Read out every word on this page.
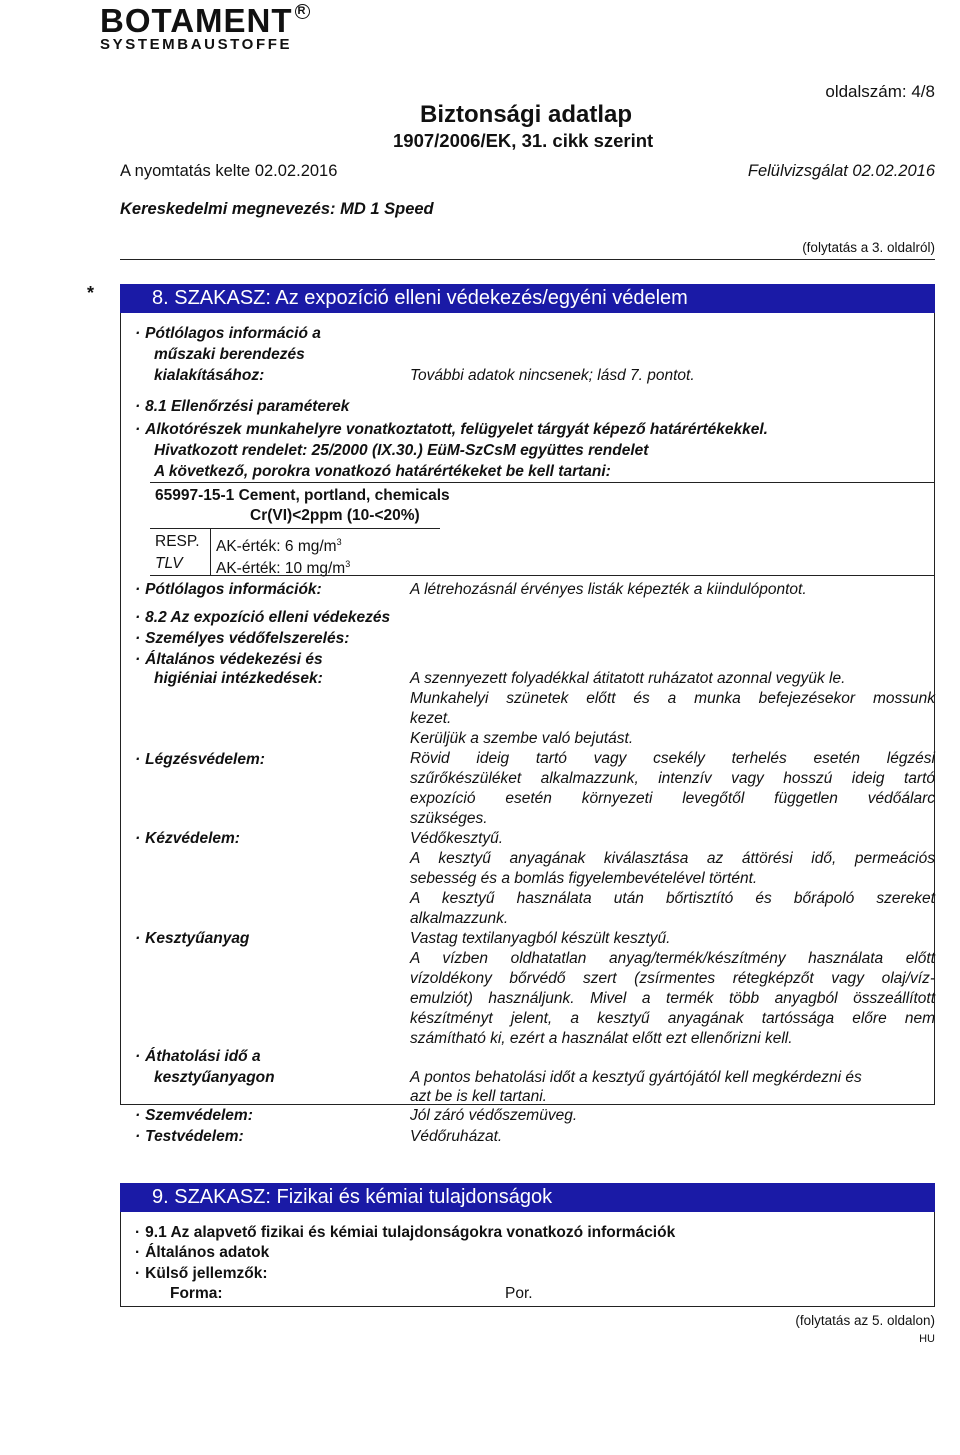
BOTAMENT R
SYSTEMBAUSTOFFE
oldalszám: 4/8
Biztonsági adatlap
1907/2006/EK, 31. cikk szerint
A nyomtatás kelte 02.02.2016	Felülvizsgálat 02.02.2016
Kereskedelmi megnevezés: MD 1 Speed
(folytatás a 3. oldalról)
*	8. SZAKASZ: Az expozíció elleni védekezés/egyéni védelem
· Pótlólagos információ a
műszaki berendezés
kialakításához:	További adatok nincsenek; lásd 7. pontot.
· 8.1 Ellenőrzési paraméterek
· Alkotórészek munkahelyre vonatkoztatott, felügyelet tárgyát képező határértékekkel.
Hivatkozott rendelet: 25/2000 (IX.30.) EüM-SzCsM együttes rendelet
A következő, porokra vonatkozó határértékeket be kell tartani:
65997-15-1 Cement, portland, chemicals
Cr(VI)<2ppm (10-<20%)
RESP. AK-érték: 6 $mg/m^3$
TLV AK-érték: 10 $mg/m^3$
· Pótlólagos információk:	A létrehozásnál érvényes listák képezték a kiindulópontot.
· 8.2 Az expozíció elleni védekezés
· Személyes védőfelszerelés:
· Általános védekezési és
higiéniai intézkedések:	A szennyezett folyadékkal átitatott ruházatot azonnal vegyük le.
Munkahelyi szünetek előtt és a munka befejezésekor mossunk
kezet.
Kerüljük a szembe való bejutást.
· Légzésvédelem:	Rövid ideig tartó vagy csekély terhelés esetén légzési
szűrőkészüléket alkalmazzunk, intenzív vagy hosszú ideig tartó
expozíció esetén környezeti levegőtől független védőálarc
szükséges.
· Kézvédelem:	Védőkesztyű.
A kesztyű anyagának kiválasztása az áttörési idő, permeációs
sebesség és a bomlás figyelembevételével történt.
A kesztyű használata után bőrtisztító és bőrápoló szereket
alkalmazzunk.
· Kesztyűanyag	Vastag textilanyagból készült kesztyű.
A vízben oldhatatlan anyag/termék/készítmény használata előtt
vízoldékony bőrvédő szert (zsírmentes rétegképzőt vagy olaj/víz-
emulziót) használjunk. Mivel a termék több anyagból összeállított
készítményt jelent, a kesztyű anyagának tartóssága előre nem
számítható ki, ezért a használat előtt ezt ellenőrizni kell.
· Áthatolási idő a
kesztyűanyagon	A pontos behatolási időt a kesztyű gyártójától kell megkérdezni és
azt be is kell tartani.
· Szemvédelem:	Jól záró védőszemüveg.
· Testvédelem:	Védőruházat.
9. SZAKASZ: Fizikai és kémiai tulajdonságok
· 9.1 Az alapvető fizikai és kémiai tulajdonságokra vonatkozó információk
· Általános adatok
· Külső jellemzők:
Forma:	Por.
(folytatás az 5. oldalon)
HU
